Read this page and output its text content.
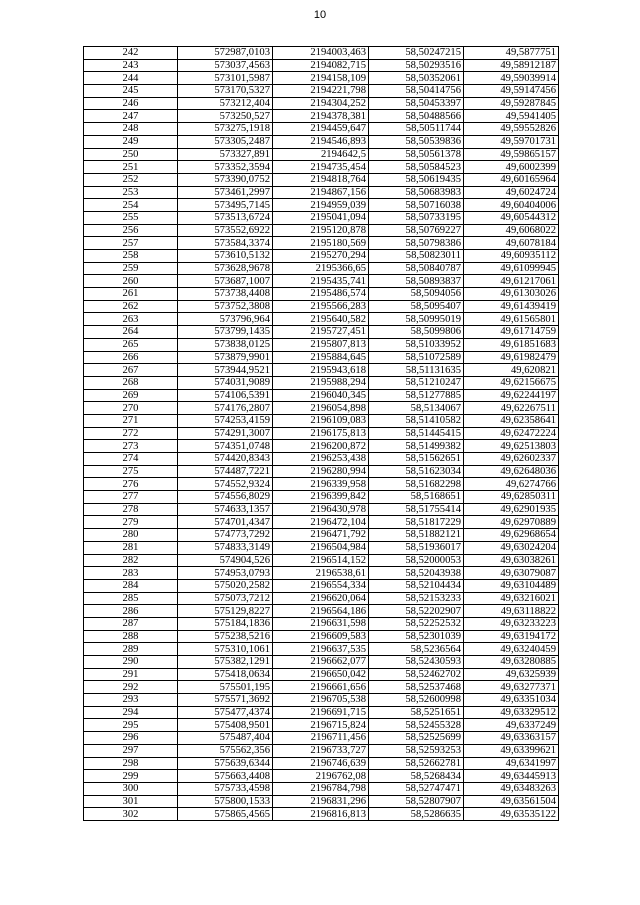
10
242	572987,0103	2194003,463	58,50247215	49,5877751
243	573037,4563	2194082,715	58,50293516	49,58912187
244	573101,5987	2194158,109	58,50352061	49,59039914
245	573170,5327	2194221,798	58,50414756	49,59147456
246	573212,404	2194304,252	58,50453397	49,59287845
247	573250,527	2194378,381	58,50488566	49,5941405
248	573275,1918	2194459,647	58,50511744	49,59552826
249	573305,2487	2194546,893	58,50539836	49,59701731
250	573327,891	2194642,5	58,50561378	49,59865157
251	573352,3594	2194735,454	58,50584523	49,6002399
252	573390,0752	2194818,764	58,50619435	49,60165964
253	573461,2997	2194867,156	58,50683983	49,6024724
254	573495,7145	2194959,039	58,50716038	49,60404006
255	573513,6724	2195041,094	58,50733195	49,60544312
256	573552,6922	2195120,878	58,50769227	49,6068022
257	573584,3374	2195180,569	58,50798386	49,6078184
258	573610,5132	2195270,294	58,50823011	49,60935112
259	573628,9678	2195366,65	58,50840787	49,61099945
260	573687,1007	2195435,741	58,50893837	49,61217061
261	573738,4408	2195486,574	58,5094056	49,61303026
262	573752,3808	2195566,283	58,5095407	49,61439419
263	573796,964	2195640,582	58,50995019	49,61565801
264	573799,1435	2195727,451	58,5099806	49,61714759
265	573838,0125	2195807,813	58,51033952	49,61851683
266	573879,9901	2195884,645	58,51072589	49,61982479
267	573944,9521	2195943,618	58,51131635	49,620821
268	574031,9089	2195988,294	58,51210247	49,62156675
269	574106,5391	2196040,345	58,51277885	49,62244197
270	574176,2807	2196054,898	58,5134067	49,62267511
271	574253,4159	2196109,083	58,51410582	49,62358641
272	574291,3007	2196175,813	58,51445415	49,62472224
273	574351,0748	2196200,872	58,51499382	49,62513803
274	574420,8343	2196253,438	58,51562651	49,62602337
275	574487,7221	2196280,994	58,51623034	49,62648036
276	574552,9324	2196339,958	58,51682298	49,6274766
277	574556,8029	2196399,842	58,5168651	49,62850311
278	574633,1357	2196430,978	58,51755414	49,62901935
279	574701,4347	2196472,104	58,51817229	49,62970889
280	574773,7292	2196471,792	58,51882121	49,62968654
281	574833,3149	2196504,984	58,51936017	49,63024204
282	574904,526	2196514,152	58,52000053	49,63038261
283	574953,0793	2196538,61	58,52043938	49,63079087
284	575020,2582	2196554,334	58,52104434	49,63104489
285	575073,7212	2196620,064	58,52153233	49,63216021
286	575129,8227	2196564,186	58,52202907	49,63118822
287	575184,1836	2196631,598	58,52252532	49,63233223
288	575238,5216	2196609,583	58,52301039	49,63194172
289	575310,1061	2196637,535	58,5236564	49,63240459
290	575382,1291	2196662,077	58,52430593	49,63280885
291	575418,0634	2196650,042	58,52462702	49,6325939
292	575501,195	2196661,656	58,52537468	49,63277371
293	575571,3692	2196705,538	58,52600998	49,63351034
294	575477,4374	2196691,715	58,5251651	49,63329512
295	575408,9501	2196715,824	58,52455328	49,6337249
296	575487,404	2196711,456	58,52525699	49,63363157
297	575562,356	2196733,727	58,52593253	49,63399621
298	575639,6344	2196746,639	58,52662781	49,6341997
299	575663,4408	2196762,08	58,5268434	49,63445913
300	575733,4598	2196784,798	58,52747471	49,63483263
301	575800,1533	2196831,296	58,52807907	49,63561504
302	575865,4565	2196816,813	58,5286635	49,63535122
